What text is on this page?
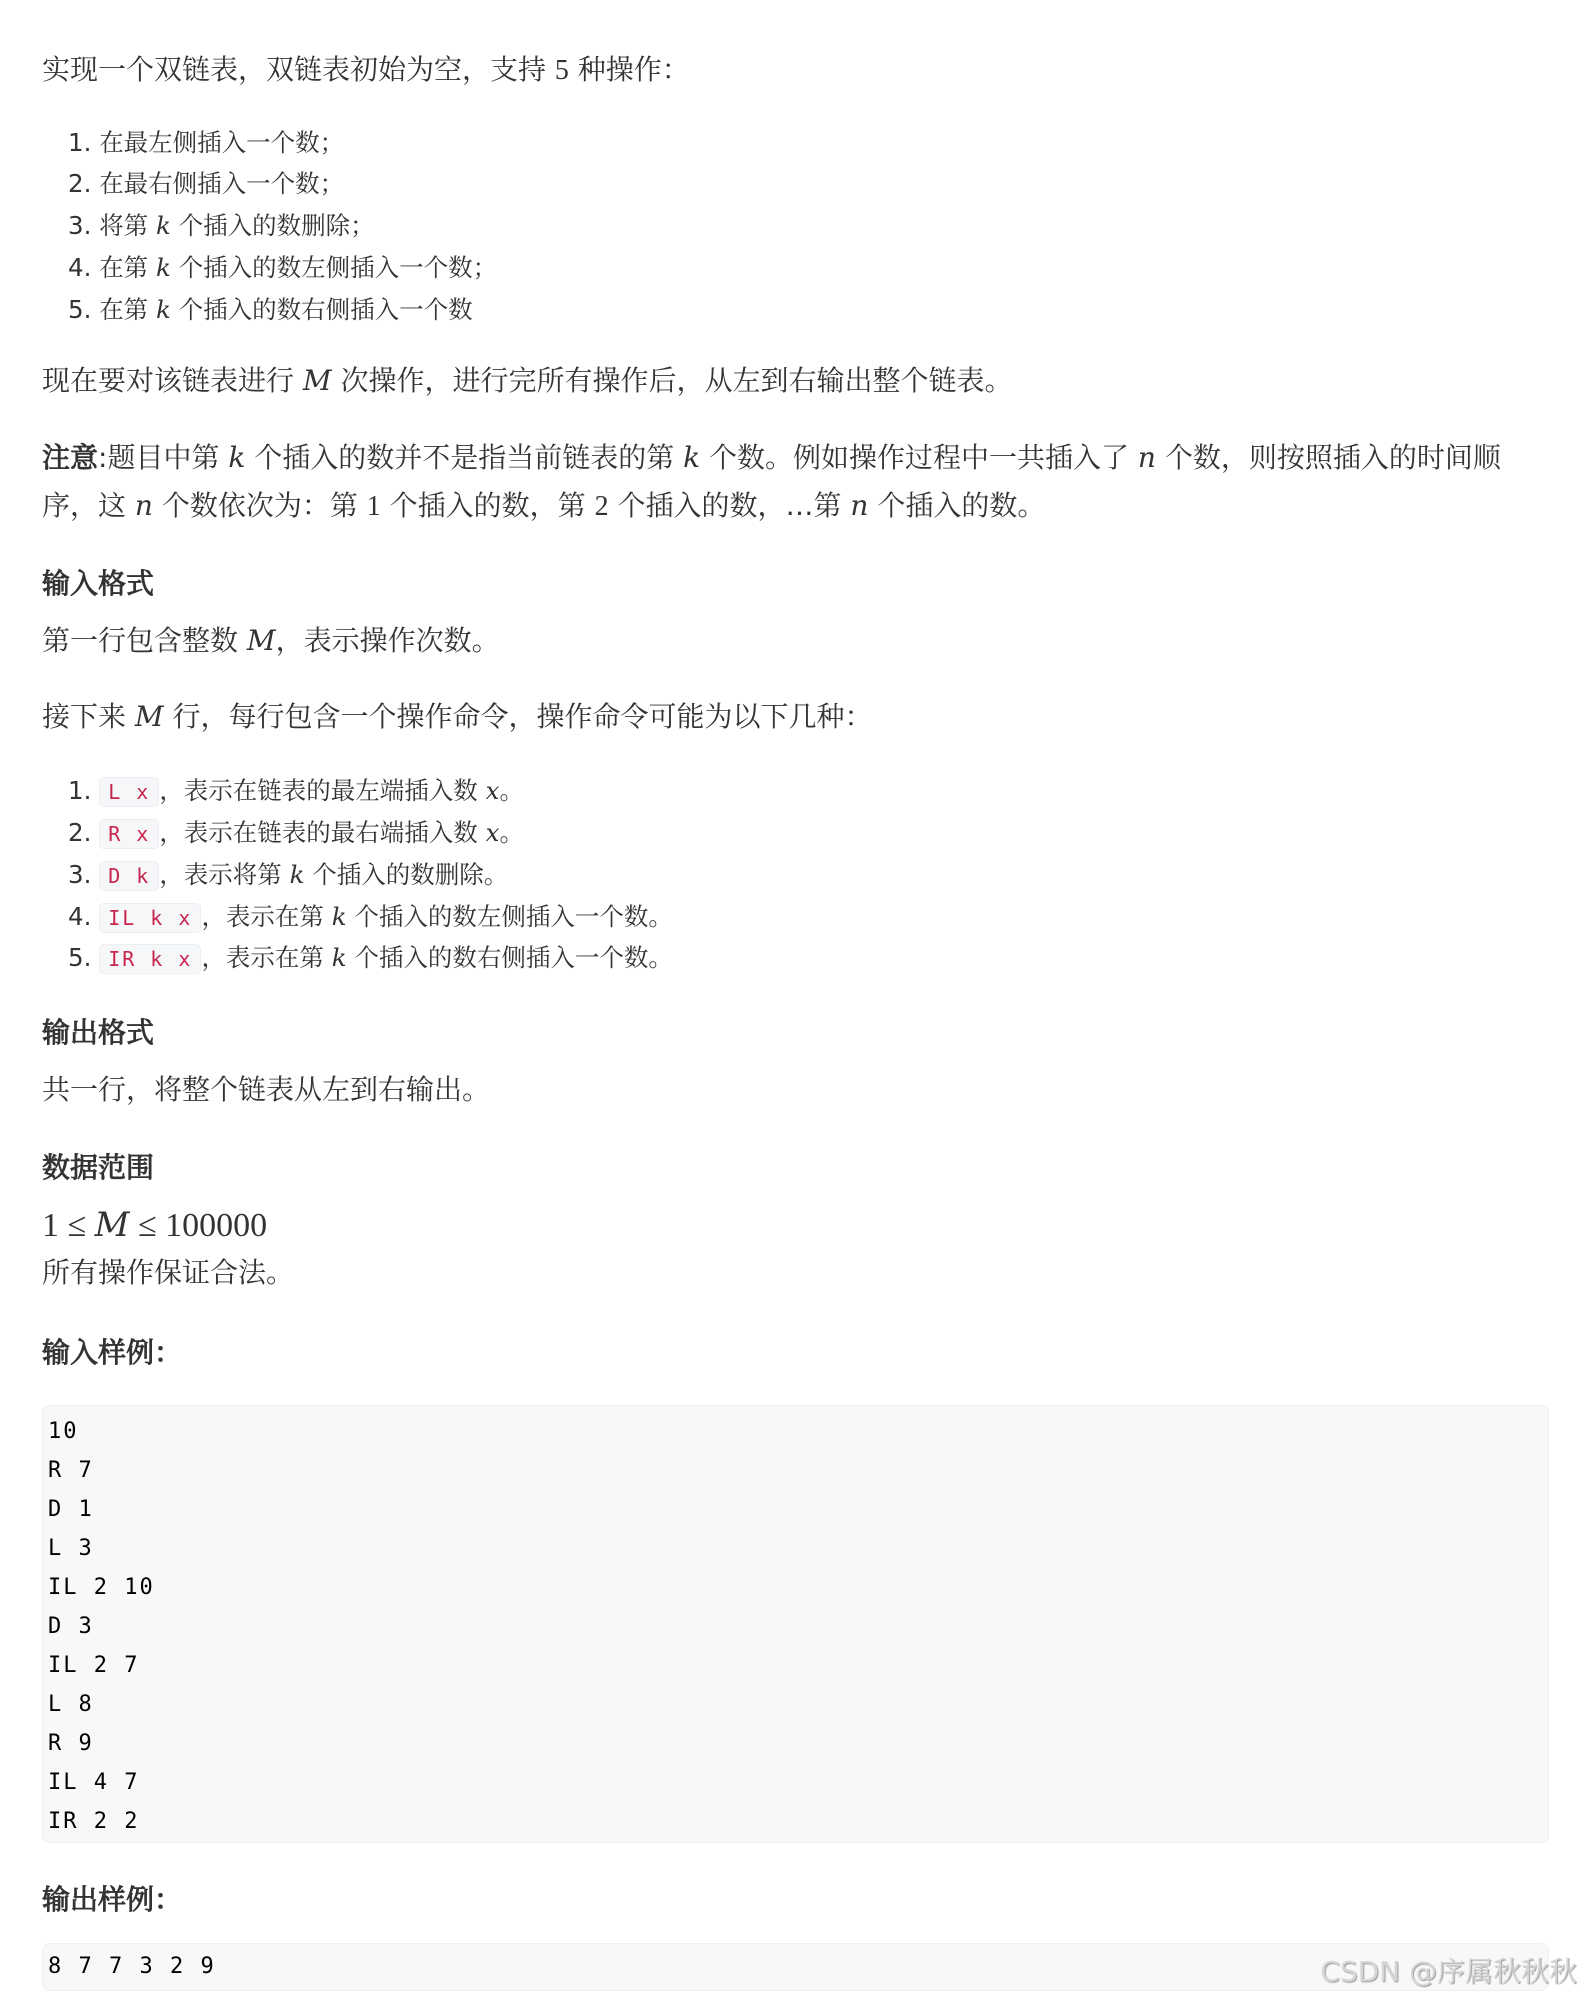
实现一个双链表，双链表初始为空，支持 5 种操作：
1. 在最左侧插入一个数；
2. 在最右侧插入一个数；
3. 将第 k 个插入的数删除；
4. 在第 k 个插入的数左侧插入一个数；
5. 在第 k 个插入的数右侧插入一个数
现在要对该链表进行 M 次操作，进行完所有操作后，从左到右输出整个链表。
注意:题目中第 k 个插入的数并不是指当前链表的第 k 个数。例如操作过程中一共插入了 n 个数，则按照插入的时间顺序，这 n 个数依次为：第 1 个插入的数，第 2 个插入的数，…第 n 个插入的数。
输入格式
第一行包含整数 M，表示操作次数。
接下来 M 行，每行包含一个操作命令，操作命令可能为以下几种：
1. L x ，表示在链表的最左端插入数 x。
2. R x ，表示在链表的最右端插入数 x。
3. D k ，表示将第 k 个插入的数删除。
4. IL k x ，表示在第 k 个插入的数左侧插入一个数。
5. IR k x ，表示在第 k 个插入的数右侧插入一个数。
输出格式
共一行，将整个链表从左到右输出。
数据范围
1 ≤ M ≤ 100000
所有操作保证合法。
输入样例：
10
R 7
D 1
L 3
IL 2 10
D 3
IL 2 7
L 8
R 9
IL 4 7
IR 2 2
输出样例：
8 7 7 3 2 9	CSDN @序属秋秋秋
